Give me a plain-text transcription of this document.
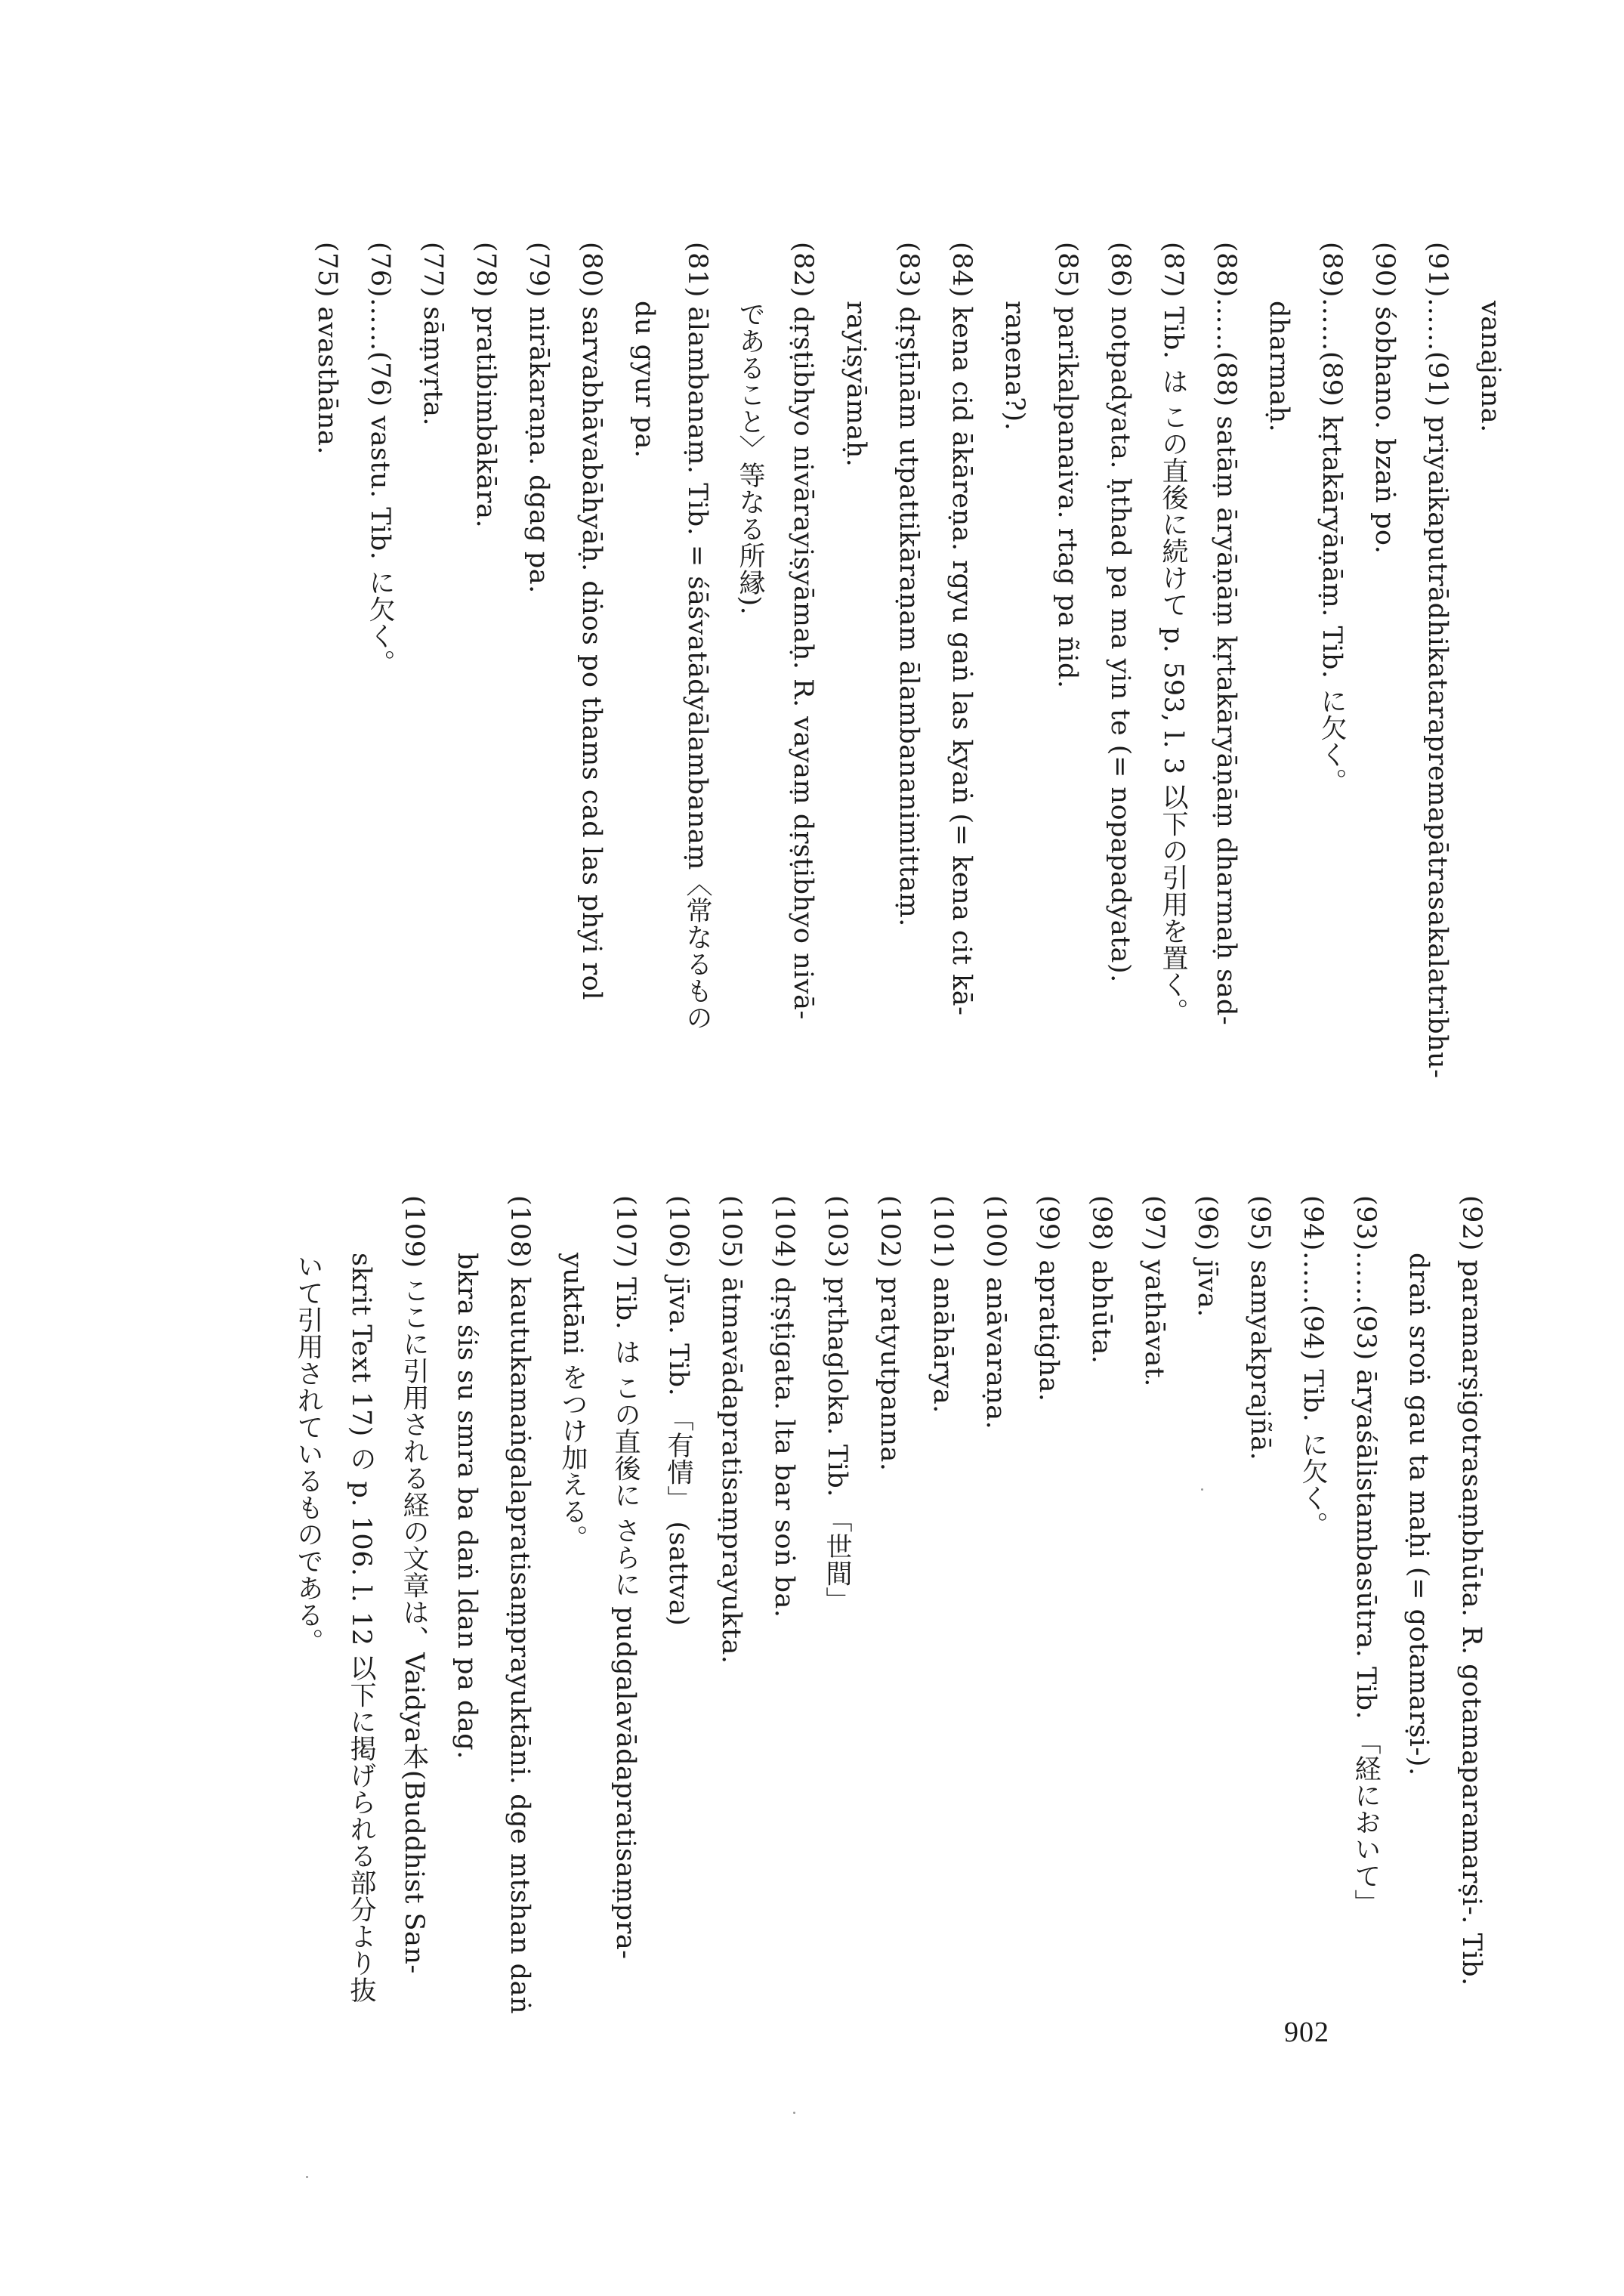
(75) avasthāna. (76)……(76) vastu. Tib. に欠く。 (77) sāṃvṛta. (78) pratibimbākāra. (79) nirākaraṇa. dgag pa. (80) sarvabhāvabāhyāḥ. dṅos po thams cad las phyi rol du gyur pa. (81) ālambanaṃ. Tib. = śāśvatādyālambanaṃ〈常なるもの であること〉等なる所縁). (82) dṛṣṭibhyo nivārayiṣyāmaḥ. R. vayaṃ dṛṣṭibhyo nivā- rayiṣyāmaḥ. (83) dṛṣṭīnām utpattikāraṇam ālambananimittaṃ. (84) kena cid ākāreṇa. rgyu gaṅ las kyaṅ (= kena cit kā- raṇena?). (85) parikalpanaiva. rtag pa ñid. (86) notpadyata. ḥthad pa ma yin te (= nopapadyata). (87) Tib. は この直後に続けて p. 593, l. 3 以下の引用を置く。 (88)……(88) satāṃ āryāṇāṃ kṛtakāryāṇāṃ dharmaḥ sad- dharmaḥ. (89)……(89) kṛtakāryāṇāṃ. Tib. に欠く。 (90) śobhano. bzaṅ po. (91)……(91) priyaikaputrādhikatarapremapātrasakalatribhu- vanajana.
(92) paramarṣigotrasaṃbhūta. R. gotamaparamarṣi-. Tib.
draṅ sroṅ gau ta maḥi (= gotamarṣi-).
(93)……(93) āryaśālistambasūtra. Tib. 「経において」
(94)……(94) Tib. に欠く。
(95) samyakprajñā.
(96) jīva.
(97) yathāvat.
(98) abhūta.
(99) apratigha.
(100) anāvaraṇa.
(101) anāhārya.
(102) pratyutpanna.
(103) pṛthagloka. Tib. 「世間」
(104) dṛṣṭigata. lta bar soṅ ba.
(105) ātmavādapratisaṃprayukta.
(106) jīva. Tib. 「有情」 (sattva)
(107) Tib. は この直後に さらに pudgalavādapratisaṃpra-
yuktāni をつけ加える。
(108) kautukamaṅgalapratisaṃprayuktāni. dge mtshan daṅ
bkra śis su smra ba daṅ ldan pa dag.
(109) ここに引用される経の文章は、Vaidya本(Buddhist San-
skrit Text 17) の p. 106. l. 12 以下に掲げられる部分より抜
いて引用されているものである。
902
